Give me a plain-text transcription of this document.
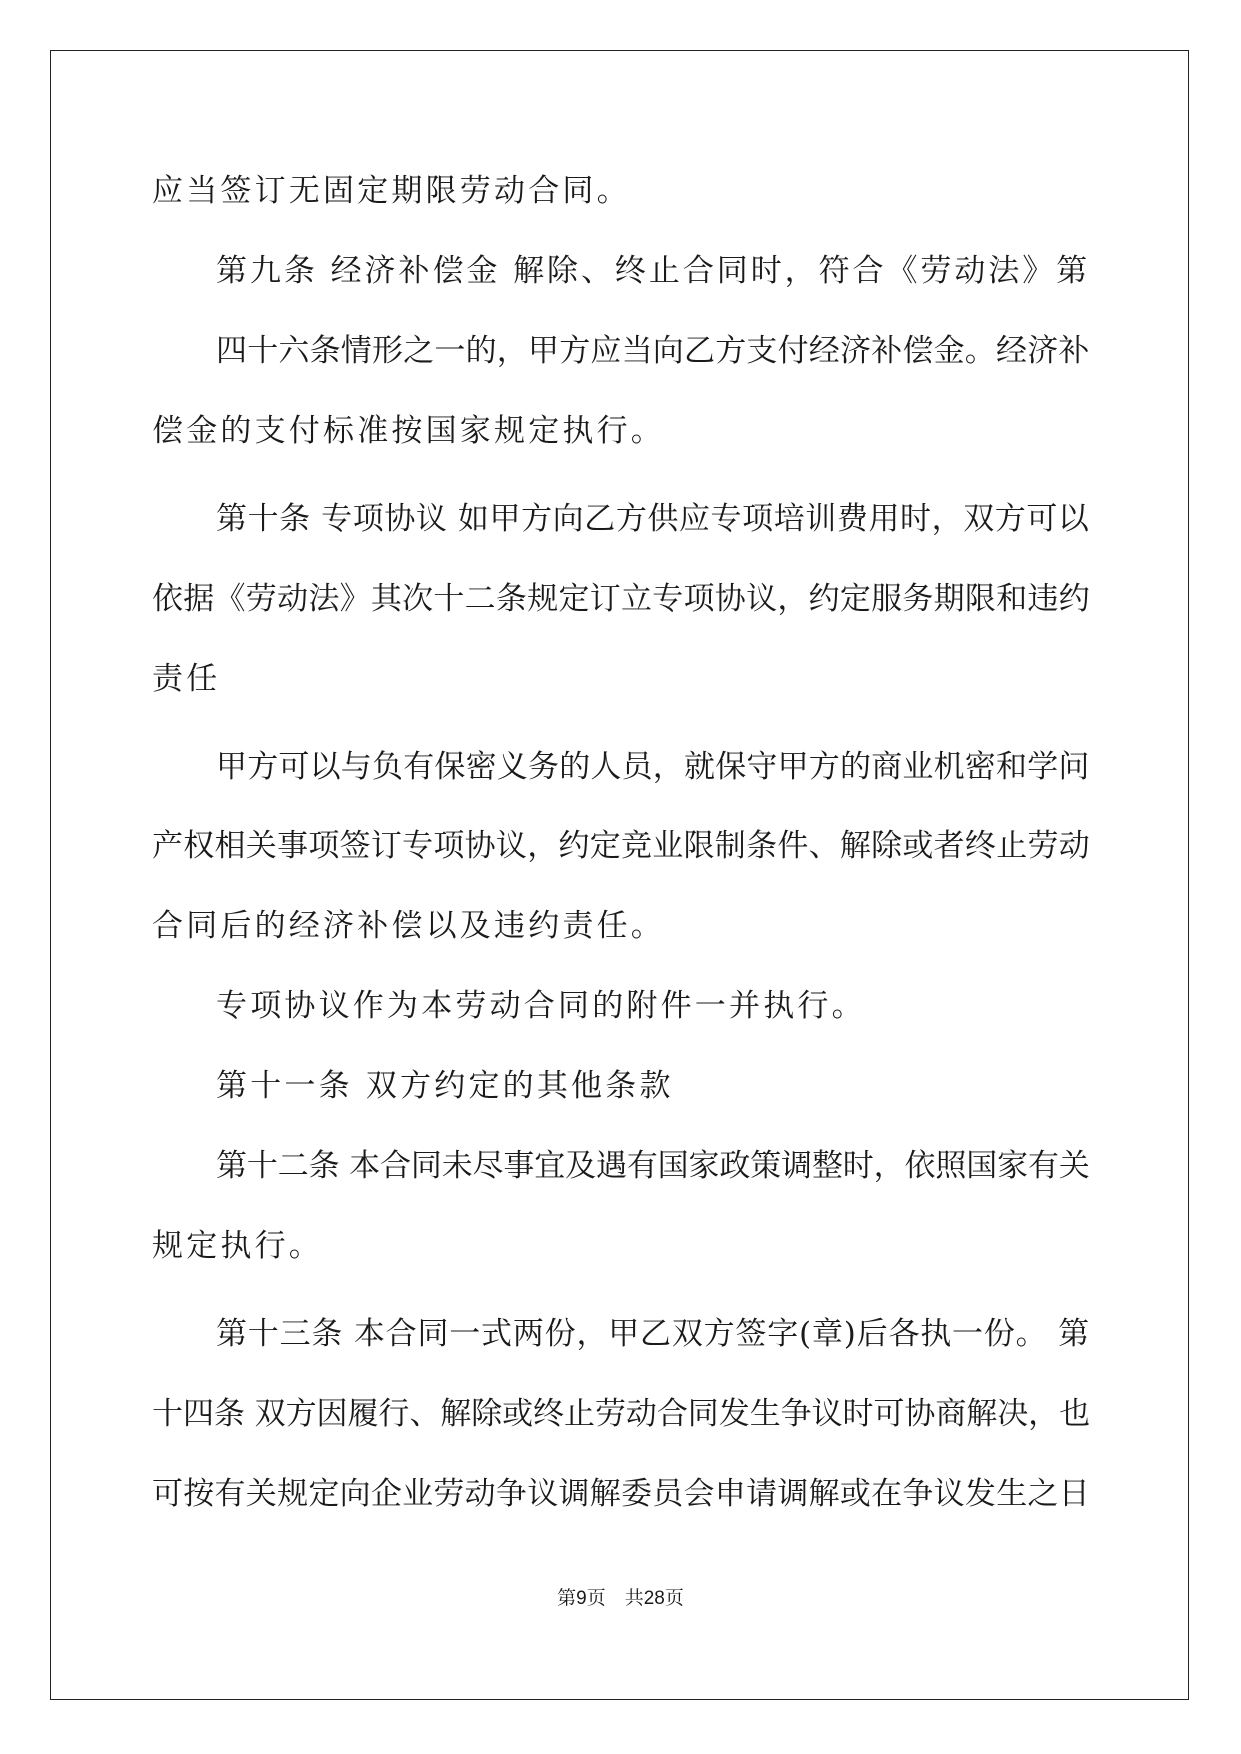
应当签订无固定期限劳动合同。
第九条 经济补偿金 解除、终止合同时，符合《劳动法》第
四十六条情形之一的，甲方应当向乙方支付经济补偿金。经济补
偿金的支付标准按国家规定执行。
第十条 专项协议 如甲方向乙方供应专项培训费用时，双方可以
依据《劳动法》其次十二条规定订立专项协议，约定服务期限和违约
责任
甲方可以与负有保密义务的人员，就保守甲方的商业机密和学问
产权相关事项签订专项协议，约定竞业限制条件、解除或者终止劳动
合同后的经济补偿以及违约责任。
专项协议作为本劳动合同的附件一并执行。
第十一条 双方约定的其他条款
第十二条 本合同未尽事宜及遇有国家政策调整时，依照国家有关
规定执行。
第十三条 本合同一式两份，甲乙双方签字(章)后各执一份。 第
十四条 双方因履行、解除或终止劳动合同发生争议时可协商解决，也
可按有关规定向企业劳动争议调解委员会申请调解或在争议发生之日
第9页　共28页
